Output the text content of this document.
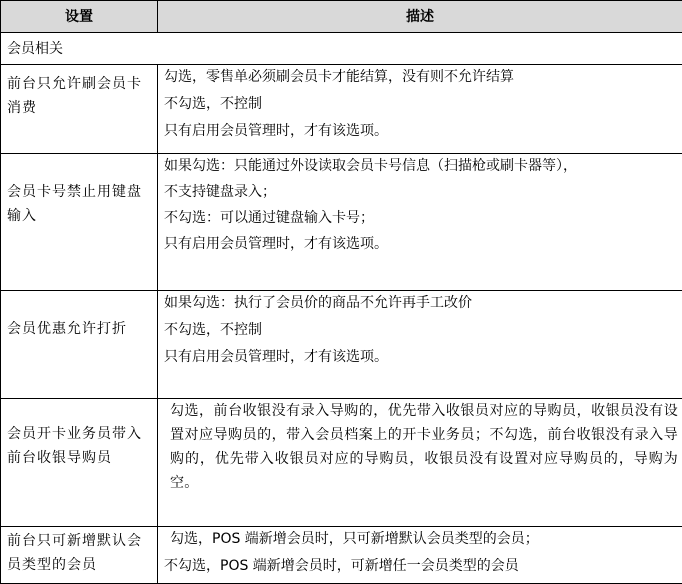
设置	描述
会员相关	

前台只允许刷会员卡消费	勾选，零售单必须刷会员卡才能结算，没有则不允许结算
不勾选，不控制
只有启用会员管理时，才有该选项。

会员卡号禁止用键盘输入	如果勾选：只能通过外设读取会员卡号信息（扫描枪或刷卡器等），
不支持键盘录入；
不勾选：可以通过键盘输入卡号；
只有启用会员管理时，才有该选项。

会员优惠允许打折	如果勾选：执行了会员价的商品不允许再手工改价
不勾选，不控制
只有启用会员管理时，才有该选项。

会员开卡业务员带入前台收银导购员	勾选，前台收银没有录入导购的，优先带入收银员对应的导购员，收银员没有设置对应导购员的，带入会员档案上的开卡业务员；不勾选，前台收银没有录入导购的，优先带入收银员对应的导购员，收银员没有设置对应导购员的，导购为空。

前台只可新增默认会员类型的会员	勾选，POS 端新增会员时，只可新增默认会员类型的会员；
不勾选，POS 端新增会员时，可新增任一会员类型的会员
